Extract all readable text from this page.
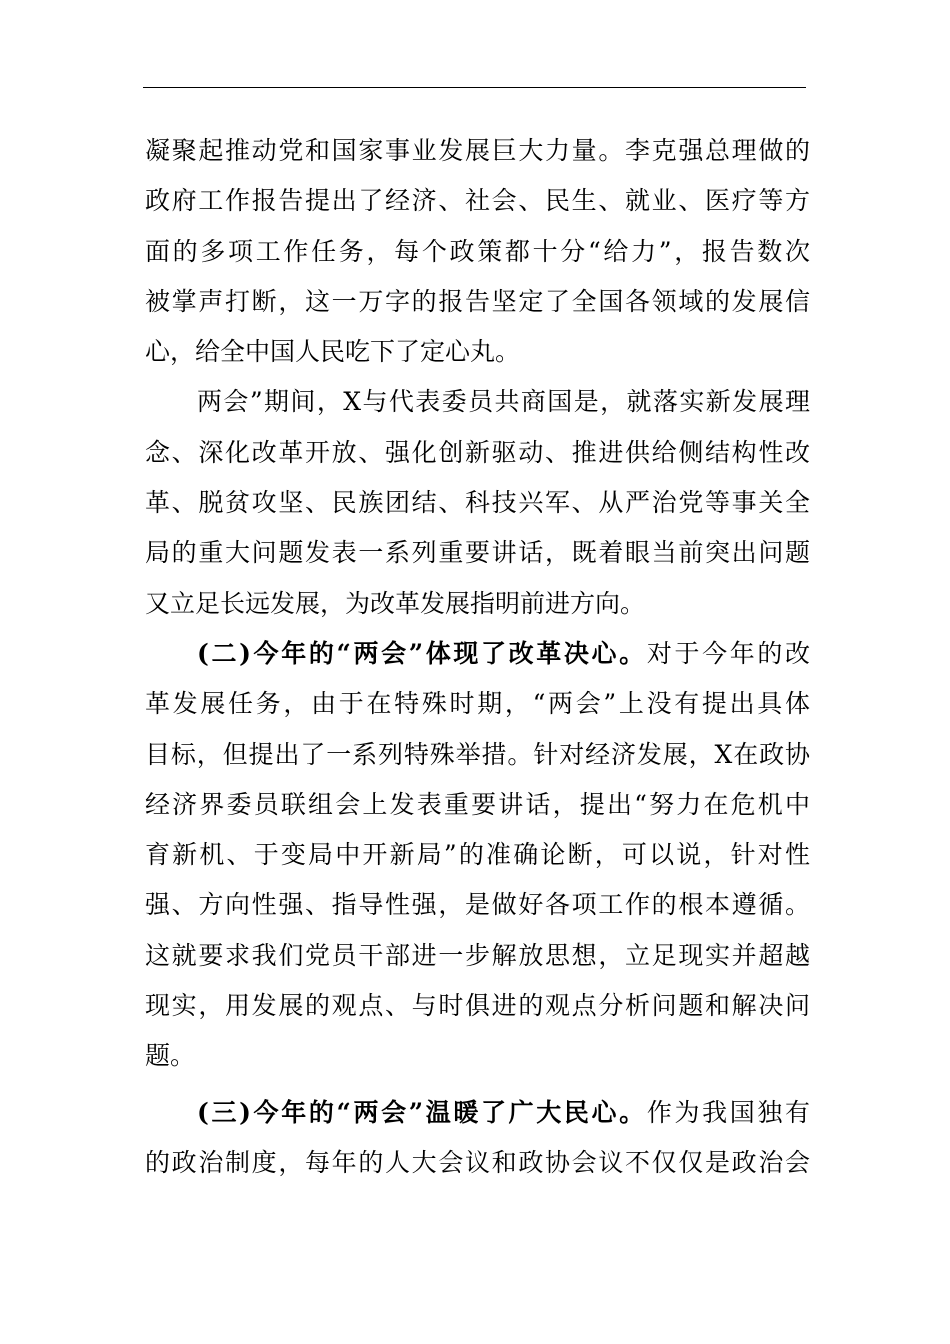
凝聚起推动党和国家事业发展巨大力量。李克强总理做的
政府工作报告提出了经济、社会、民生、就业、医疗等方
面的多项工作任务，每个政策都十分“给力”，报告数次
被掌声打断，这一万字的报告坚定了全国各领域的发展信
心，给全中国人民吃下了定心丸。
两会”期间，X与代表委员共商国是，就落实新发展理
念、深化改革开放、强化创新驱动、推进供给侧结构性改
革、脱贫攻坚、民族团结、科技兴军、从严治党等事关全
局的重大问题发表一系列重要讲话，既着眼当前突出问题
又立足长远发展，为改革发展指明前进方向。
(二)今年的“两会”体现了改革决心。对于今年的改
革发展任务，由于在特殊时期，“两会”上没有提出具体
目标，但提出了一系列特殊举措。针对经济发展，X在政协
经济界委员联组会上发表重要讲话，提出“努力在危机中
育新机、于变局中开新局”的准确论断，可以说，针对性
强、方向性强、指导性强，是做好各项工作的根本遵循。
这就要求我们党员干部进一步解放思想，立足现实并超越
现实，用发展的观点、与时俱进的观点分析问题和解决问
题。
(三)今年的“两会”温暖了广大民心。作为我国独有
的政治制度，每年的人大会议和政协会议不仅仅是政治会
